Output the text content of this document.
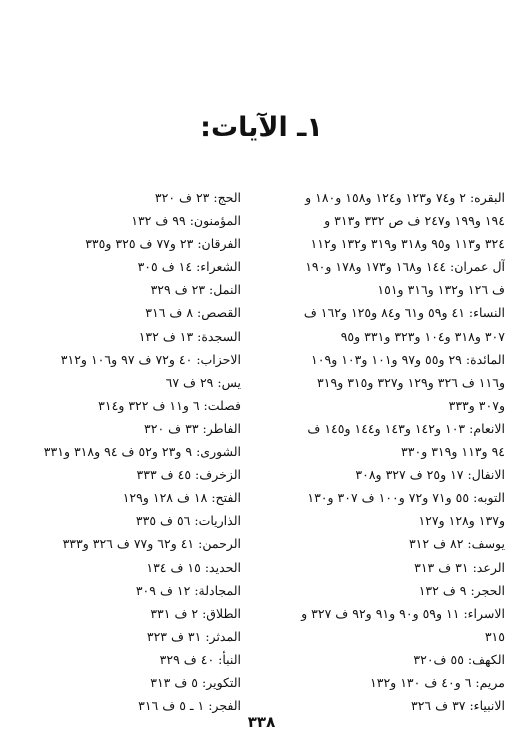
١ـ الآيات:
البقره: ٢ و٧٤ و١٢٣ و١٢٤ و١٥٨ و١٨٠ و
١٩٤ و١٩٩ و٢٤٧ ف ص ٣٣٢ و٣١٣ و
٣٢٤ و١١٣ و٩٥ و٣١٨ و٣١٩ و١٣٢ و١١٢
آل عمران: ١٤٤ و١٦٨ و١٧٣ و١٧٨ و١٩٠
ف ١٢٦ و١٣٢ و٣١٦ و١٥١
النساء: ٤١ و٥٩ و٦١ و٨٤ و١٢٥ و١٦٢ ف
٣٠٧ و٣١٨ و١٠٤ و٣٢٣ و٣٣١ و٩٥
المائدة: ٢٩ و٥٥ و٩٧ و١٠١ و١٠٣ و١٠٩
و١١٦ ف ٣٢٦ و١٢٩ و٣٢٧ و٣١٥ و٣١٩
و٣٠٧ و٣٣٣
الانعام: ١٠٣ و١٤٢ و١٤٣ و١٤٤ و١٤٥ ف
٩٤ و١١٣ و٣١٩ و٣٣٠
الانفال: ١٧ و٢٥ ف ٣٢٧ و٣٠٨
التوبه: ٥٥ و٧١ و٧٢ و١٠٠ ف ٣٠٧ و١٣٠
و١٣٧ و١٢٨ و١٢٧
يوسف: ٨٢ ف ٣١٢
الرعد: ٣١ ف ٣١٣
الحجر: ٩ ف ١٣٢
الاسراء: ١١ و٥٩ و٩٠ و٩١ و٩٢ ف ٣٢٧ و
٣١٥
الكهف: ٥٥ ف٣٢٠
مريم: ٦ و٤٠ ف ١٣٠ و١٣٢
الانبياء: ٣٧ ف ٣٢٦
الحج: ٢٣ ف ٣٢٠
المؤمنون: ٩٩ ف ١٣٢
الفرقان: ٢٣ و٧٧ ف ٣٢٥ و٣٣٥
الشعراء: ١٤ ف ٣٠٥
النمل: ٢٣ ف ٣٢٩
القصص: ٨ ف ٣١٦
السجدة: ١٣ ف ١٣٢
الاحزاب: ٤٠ و٧٢ ف ٩٧ و١٠٦ و٣١٢
يس: ٢٩ ف ٦٧
فصلت: ٦ و١١ ف ٣٢٢ و٣١٤
الفاطر: ٣٣ ف ٣٢٠
الشورى: ٩ و٢٣ و٥٢ ف ٩٤ و٣١٨ و٣٣١
الزخرف: ٤٥ ف ٣٣٣
الفتح: ١٨ ف ١٢٨ و١٢٩
الذاريات: ٥٦ ف ٣٣٥
الرحمن: ٤١ و٦٢ و٧٧ ف ٣٢٦ و٣٣٣
الحديد: ١٥ ف ١٣٤
المجادلة: ١٢ ف ٣٠٩
الطلاق: ٢ ف ٣٣١
المدثر: ٣١ ف ٣٢٣
النبأ: ٤٠ ف ٣٢٩
التكوير: ٥ ف ٣١٣
الفجر: ١ ـ ٥ ف ٣١٦
٣٣٨
